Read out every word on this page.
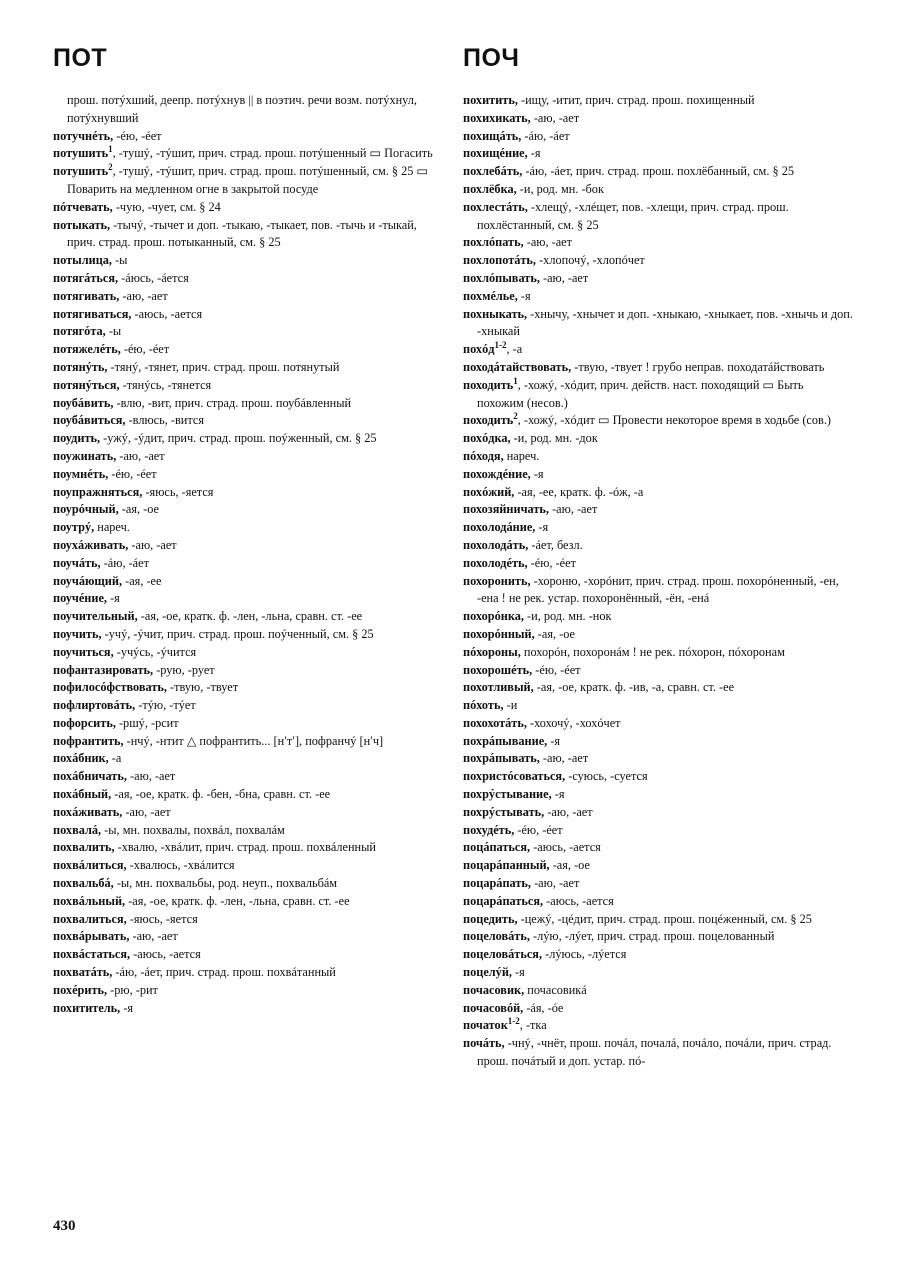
ПОТ	ПОЧ

прош. потýхший, деепр. потýхнув || в поэтич. речи возм. потýхнул, потýхнувший

потучнéть, -éю, -éет

потушить$^1$, -тушý, -тýшит, прич. страд. прош. потýшенный ▭ Погасить

потушить$^2$, -тушý, -тýшит, прич. страд. прош. потýшенный, см. § 25 ▭ Поварить на медленном огне в закрытой посуде

пóтчевать, -чую, -чует, см. § 24

потыкать, -тычý, -тычет и доп. -тыкаю, -тыкает, пов. -тычь и -тыкай, прич. страд. прош. потыканный, см. § 25

потылица, -ы

потягáться, -áюсь, -áется

потягивать, -аю, -ает

потягиваться, -аюсь, -ается

потягóта, -ы

потяжелéть, -éю, -éет

потянýть, -тянý, -тянет, прич. страд. прош. потянутый

потянýться, -тянýсь, -тянется

поубáвить, -влю, -вит, прич. страд. прош. поубáвленный

поубáвиться, -влюсь, -вится

поудить, -ужý, -ýдит, прич. страд. прош. поýженный, см. § 25

поужинать, -аю, -ает

поумнéть, -éю, -éет

поупражняться, -яюсь, -яется

поурóчный, -ая, -ое

поутрý, нареч.

поухáживать, -аю, -ает

поучáть, -áю, -áет

поучáющий, -ая, -ее

поучéние, -я

поучительный, -ая, -ое, кратк. ф. -лен, -льна, сравн. ст. -ее

поучить, -учý, -ýчит, прич. страд. прош. поýченный, см. § 25

поучиться, -учýсь, -ýчится

пофантазировать, -рую, -рует

пофилосóфствовать, -твую, -твует

пофлиртовáть, -тýю, -тýет

пофорсить, -ршý, -рсит

пофрантить, -нчý, -нтит △ пофрантить... [нʹтʹ], пофранчý [нʹч]

похáбник, -а

похáбничать, -аю, -ает

похáбный, -ая, -ое, кратк. ф. -бен, -бна, сравн. ст. -ее

похáживать, -аю, -ает

похвалá, -ы, мн. похвалы, похвáл, похвалáм

похвалить, -хвалю, -хвáлит, прич. страд. прош. похвáленный

похвáлиться, -хвалюсь, -хвáлится

похвальбá, -ы, мн. похвальбы, род. неуп., похвальбáм

похвáльный, -ая, -ое, кратк. ф. -лен, -льна, сравн. ст. -ее

похвалиться, -яюсь, -яется

похвáрывать, -аю, -ает

похвáстаться, -аюсь, -ается

похватáть, -áю, -áет, прич. страд. прош. похвáтанный

похéрить, -рю, -рит

похититель, -я

похитить, -ищу, -итит, прич. страд. прош. похищенный

похихикать, -аю, -ает

похищáть, -áю, -áет

похищéние, -я

похлебáть, -áю, -áет, прич. страд. прош. похлёбанный, см. § 25

похлёбка, -и, род. мн. -бок

похлестáть, -хлещý, -хлéщет, пов. -хлещи, прич. страд. прош. похлёстанный, см. § 25

похлóпать, -аю, -ает

похлопотáть, -хлопочý, -хлопóчет

похлóпывать, -аю, -ает

похмéлье, -я

похныкать, -хнычу, -хнычет и доп. -хныкаю, -хныкает, пов. -хнычь и доп. -хныкай

похóд$^{1-2}$, -а

походáтайствовать, -твую, -твует ! грубо неправ. походатáйствовать

походить$^1$, -хожý, -хóдит, прич. действ. наст. походящий ▭ Быть похожим (несов.)

походить$^2$, -хожý, -хóдит ▭ Провести некоторое время в ходьбе (сов.)

похóдка, -и, род. мн. -док

пóходя, нареч.

похождéние, -я

похóжий, -ая, -ее, кратк. ф. -óж, -а

похозяйничать, -аю, -ает

похолодáние, -я

похолодáть, -áет, безл.

похолодéть, -éю, -éет

похоронить, -хороню, -хорóнит, прич. страд. прош. похорóненный, -ен, -ена ! не рек. устар. похоронённый, -ён, -енá

похорóнка, -и, род. мн. -нок

похорóнный, -ая, -ое

пóхороны, похорóн, похоронáм ! не рек. пóхорон, пóхоронам

похорошéть, -éю, -éет

похотливый, -ая, -ое, кратк. ф. -ив, -а, сравн. ст. -ее

пóхоть, -и

похохотáть, -хохочý, -хохóчет

похрáпывание, -я

похрáпывать, -аю, -ает

похристóсоваться, -суюсь, -суется

похрýстывание, -я

похрýстывать, -аю, -ает

похудéть, -éю, -éет

поцáпаться, -аюсь, -ается

поцарáпанный, -ая, -ое

поцарáпать, -аю, -ает

поцарáпаться, -аюсь, -ается

поцедить, -цежý, -цéдит, прич. страд. прош. поцéженный, см. § 25

поцеловáть, -лýю, -лýет, прич. страд. прош. поцелованный

поцеловáться, -лýюсь, -лýется

поцелýй, -я

почасовик, почасовикá

почасовóй, -áя, -óе

початок$^{1-2}$, -тка

почáть, -чнý, -чнёт, прош. почáл, почалá, почáло, почáли, прич. страд. прош. почáтый и доп. устар. пó-

430
